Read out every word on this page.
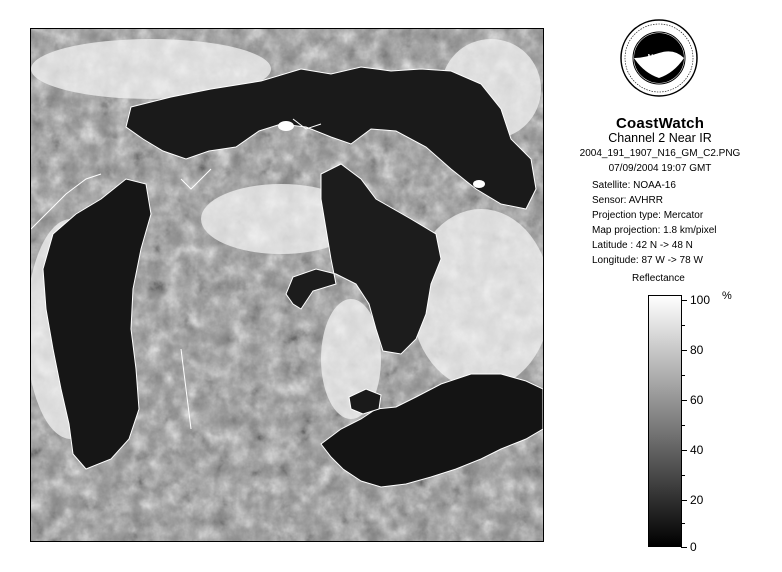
NOAA
CoastWatch
Channel 2 Near IR
2004_191_1907_N16_GM_C2.PNG
07/09/2004 19:07 GMT
Satellite: NOAA-16
Sensor: AVHRR
Projection type: Mercator
Map projection: 1.8 km/pixel
Latitude : 42 N -> 48 N
Longitude: 87 W -> 78 W
Reflectance
%
100
80
60
40
20
0
